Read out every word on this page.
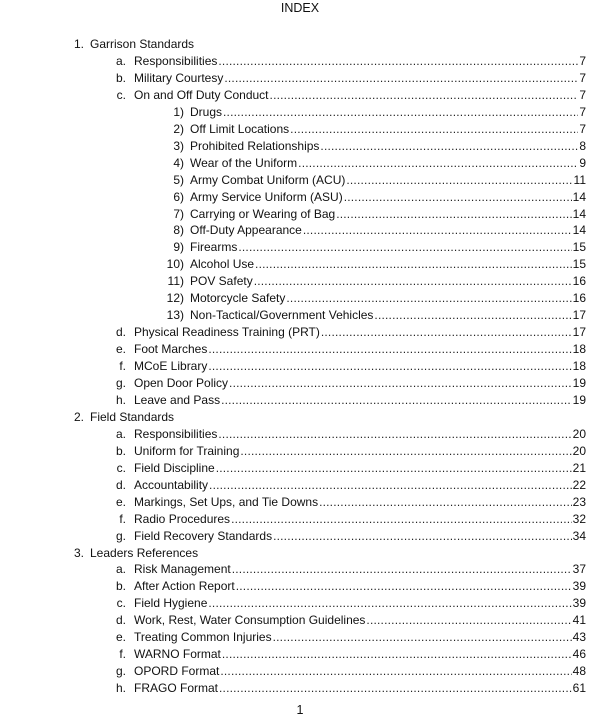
INDEX
1. Garrison Standards
a. Responsibilities .....	7
b. Military Courtesy .....	7
c. On and Off Duty Conduct .....	7
1) Drugs .....	7
2) Off Limit Locations .....	7
3) Prohibited Relationships .....	8
4) Wear of the Uniform .....	9
5) Army Combat Uniform (ACU) .....	11
6) Army Service Uniform (ASU) .....	14
7) Carrying or Wearing of Bag .....	14
8) Off-Duty Appearance .....	14
9) Firearms .....	15
10) Alcohol Use .....	15
11) POV Safety .....	16
12) Motorcycle Safety .....	16
13) Non-Tactical/Government Vehicles .....	17
d. Physical Readiness Training (PRT) .....	17
e. Foot Marches .....	18
f. MCoE Library .....	18
g. Open Door Policy .....	19
h. Leave and Pass .....	19
2. Field Standards
a. Responsibilities .....	20
b. Uniform for Training .....	20
c. Field Discipline .....	21
d. Accountability .....	22
e. Markings, Set Ups, and Tie Downs .....	23
f. Radio Procedures .....	32
g. Field Recovery Standards .....	34
3. Leaders References
a. Risk Management .....	37
b. After Action Report .....	39
c. Field Hygiene .....	39
d. Work, Rest, Water Consumption Guidelines .....	41
e. Treating Common Injuries .....	43
f. WARNO Format .....	46
g. OPORD Format .....	48
h. FRAGO Format .....	61
1
